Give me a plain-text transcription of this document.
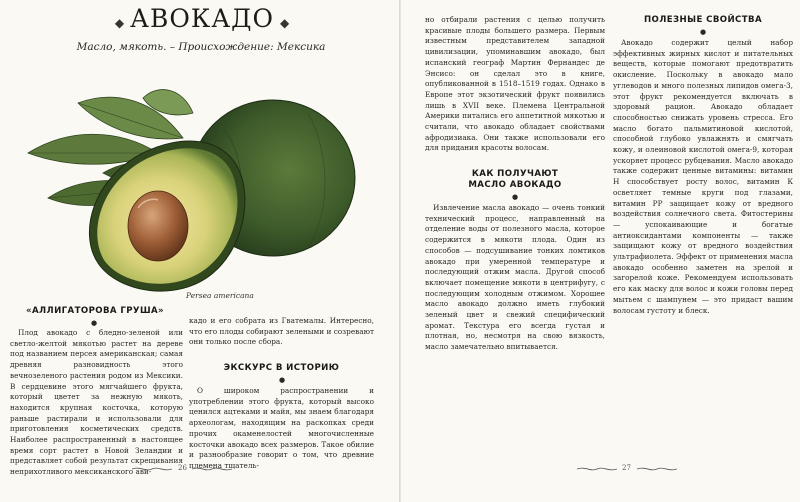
◆ АВОКАДО ◆
Масло, мякоть. – Происхождение: Мексика
Persea americana
«АЛЛИГАТОРОВА ГРУША»
●

Плод авокадо с бледно-зеленой или светло-желтой мякотью растет на дереве под названием персея американская; самая древняя разновидность этого вечнозеленого растения родом из Мексики. В сердцевине этого мягчайшего фрукта, который цветет за нежную мякоть, находится крупная косточка, которую раньше растирали и использовали для приготовления косметических средств. Наиболее распространенный в настоящее время сорт растет в Новой Зеландии и представляет собой результат скрещивания неприхотливого мексиканского ави-

кадо и его собрата из Гватемалы. Интересно, что его плоды собирают зелеными и созревают они только после сбора.

ЭКСКУРС В ИСТОРИЮ
●

О широком распространении и употреблении этого фрукта, который высоко ценился ацтеками и майя, мы знаем благодаря археологам, находящим на раскопках среди прочих окаменелостей многочисленные косточки авокадо всех размеров. Такое обилие и разнообразие говорит о том, что древние племена тщатель-

26

но отбирали растения с целью получить красивые плоды большего размера. Первым известным представителем западной цивилизации, упоминавшим авокадо, был испанский географ Мартин Фернандес де Энсисо: он сделал это в книге, опубликованной в 1518–1519 годах. Однако в Европе этот экзотический фрукт появились лишь в XVII веке. Племена Центральной Америки питались его аппетитной мякотью и считали, что авокадо обладает свойствами афродизиака. Они также использовали его для придания красоты волосам.

КАК ПОЛУЧАЮТ
МАСЛО АВОКАДО
●

Извлечение масла авокадо — очень тонкий технический процесс, направленный на отделение воды от полезного масла, которое содержится в мякоти плода. Один из способов — подсушивание тонких ломтиков авокадо при умеренной температуре и последующий отжим масла. Другой способ включает помещение мякоти в центрифугу, с последующим холодным отжимом. Хорошее масло авокадо должно иметь глубокий зеленый цвет и свежий специфический аромат. Текстура его всегда густая и плотная, но, несмотря на свою вязкость, масло замечательно впитывается.

ПОЛЕЗНЫЕ СВОЙСТВА
●

Авокадо содержит целый набор эффективных жирных кислот и питательных веществ, которые помогают предотвратить окисление. Поскольку в авокадо мало углеводов и много полезных липидов омега-3, этот фрукт рекомендуется включать в здоровый рацион. Авокадо обладает способностью снижать уровень стресса. Его масло богато пальмитиновой кислотой, способной глубоко увлажнять и смягчать кожу, и олеиновой кислотой омега-9, которая ускоряет процесс рубцевания. Масло авокадо также содержит ценные витамины: витамин Н способствует росту волос, витамин К осветляет темные круги под глазами, витамин РР защищает кожу от вредного воздействия солнечного света. Фитостерины — успокаивающие и богатые антиоксидантами компоненты — также защищают кожу от вредного воздействия ультрафиолета. Эффект от применения масла авокадо особенно заметен на зрелой и загорелой коже. Рекомендуем использовать его как маску для волос и кожи головы перед мытьем с шампунем — это придаст вашим волосам густоту и блеск.

27
